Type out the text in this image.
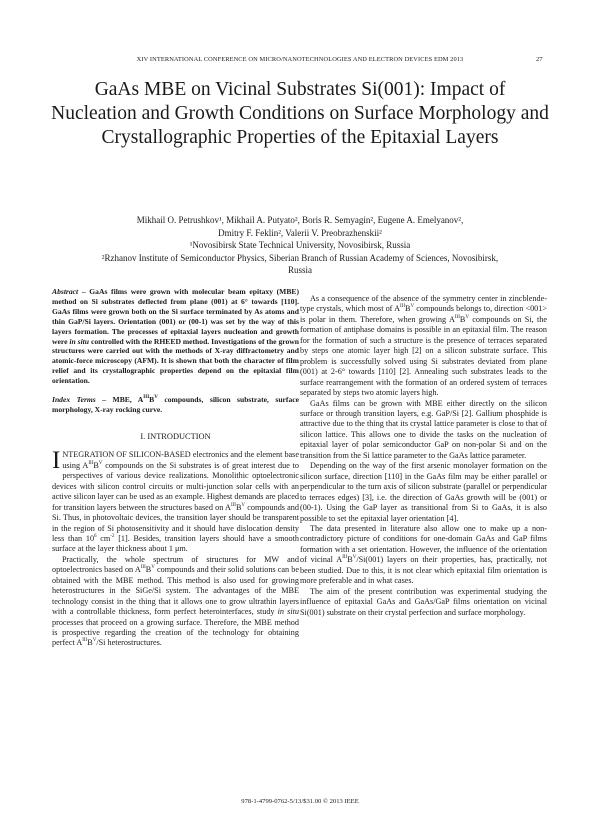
XIV INTERNATIONAL CONFERENCE ON MICRO/NANOTECHNOLOGIES AND ELECTRON DEVICES EDM 2013	27
GaAs MBE on Vicinal Substrates Si(001): Impact of Nucleation and Growth Conditions on Surface Morphology and Crystallographic Properties of the Epitaxial Layers

Mikhail O. Petrushkov¹, Mikhail A. Putyato², Boris R. Semyagin², Eugene A. Emelyanov²,

Dmitry F. Feklin², Valerii V. Preobrazhenskii²

¹Novosibirsk State Technical University, Novosibirsk, Russia

²Rzhanov Institute of Semiconductor Physics, Siberian Branch of Russian Academy of Sciences, Novosibirsk,

Russia

Abstract – GaAs films were grown with molecular beam epitaxy (MBE) method on Si substrates deflected from plane (001) at 6° towards [110]. GaAs films were grown both on the Si surface terminated by As atoms and thin GaP/Si layers. Orientation (001) or (00-1) was set by the way of this layers formation. The processes of epitaxial layers nucleation and growth were in situ controlled with the RHEED method. Investigations of the grown structures were carried out with the methods of X-ray diffractometry and atomic-force microscopy (AFM). It is shown that both the character of film relief and its crystallographic properties depend on the epitaxial film orientation.

Index Terms – MBE, $A^{III}B^V$ compounds, silicon substrate, surface morphology, X-ray rocking curve.

I. INTRODUCTION

INTEGRATION OF SILICON-BASED electronics and the element base using $A^{III}B^V$ compounds on the Si substrates is of great interest due to perspectives of various device realizations. Monolithic optoelectronic devices with silicon control circuits or multi-junction solar cells with an active silicon layer can be used as an example. Highest demands are placed for transition layers between the structures based on $A^{III}B^V$ compounds and Si. Thus, in photovoltaic devices, the transition layer should be transparent in the region of Si photosensitivity and it should have dislocation density less than $10^6$ $cm^{-2}$ [1]. Besides, transition layers should have a smooth surface at the layer thickness about 1 μm.

Practically, the whole spectrum of structures for MW and optoelectronics based on $A^{III}B^V$ compounds and their solid solutions can be obtained with the MBE method. This method is also used for growing heterostructures in the SiGe/Si system. The advantages of the MBE technology consist in the thing that it allows one to grow ultrathin layers with a controllable thickness, form perfect heterointerfaces, study in situ processes that proceed on a growing surface. Therefore, the MBE method is prospective regarding the creation of the technology for obtaining perfect $A^{III}B^V/Si$ heterostructures.

As a consequence of the absence of the symmetry center in zincblende-type crystals, which most of $A^{III}B^V$ compounds belongs to, direction <001> is polar in them. Therefore, when growing $A^{III}B^V$ compounds on Si, the formation of antiphase domains is possible in an epitaxial film. The reason for the formation of such a structure is the presence of terraces separated by steps one atomic layer high [2] on a silicon substrate surface. This problem is successfully solved using Si substrates deviated from plane (001) at 2-6° towards [110] [2]. Annealing such substrates leads to the surface rearrangement with the formation of an ordered system of terraces separated by steps two atomic layers high.

GaAs films can be grown with MBE either directly on the silicon surface or through transition layers, e.g. GaP/Si [2]. Gallium phosphide is attractive due to the thing that its crystal lattice parameter is close to that of silicon lattice. This allows one to divide the tasks on the nucleation of epitaxial layer of polar semiconductor GaP on non-polar Si and on the transition from the Si lattice parameter to the GaAs lattice parameter.

Depending on the way of the first arsenic monolayer formation on the silicon surface, direction [110] in the GaAs film may be either parallel or perpendicular to the turn axis of silicon substrate (parallel or perpendicular to terraces edges) [3], i.e. the direction of GaAs growth will be (001) or (00-1). Using the GaP layer as transitional from Si to GaAs, it is also possible to set the epitaxial layer orientation [4].

The data presented in literature also allow one to make up a non-contradictory picture of conditions for one-domain GaAs and GaP films formation with a set orientation. However, the influence of the orientation of vicinal $A^{III}B^V/Si(001)$ layers on their properties, has, practically, not been studied. Due to this, it is not clear which epitaxial film orientation is more preferable and in what cases.

The aim of the present contribution was experimental studying the influence of epitaxial GaAs and GaAs/GaP films orientation on vicinal Si(001) substrate on their crystal perfection and surface morphology.

978-1-4799-0762-5/13/$31.00 © 2013 IEEE
